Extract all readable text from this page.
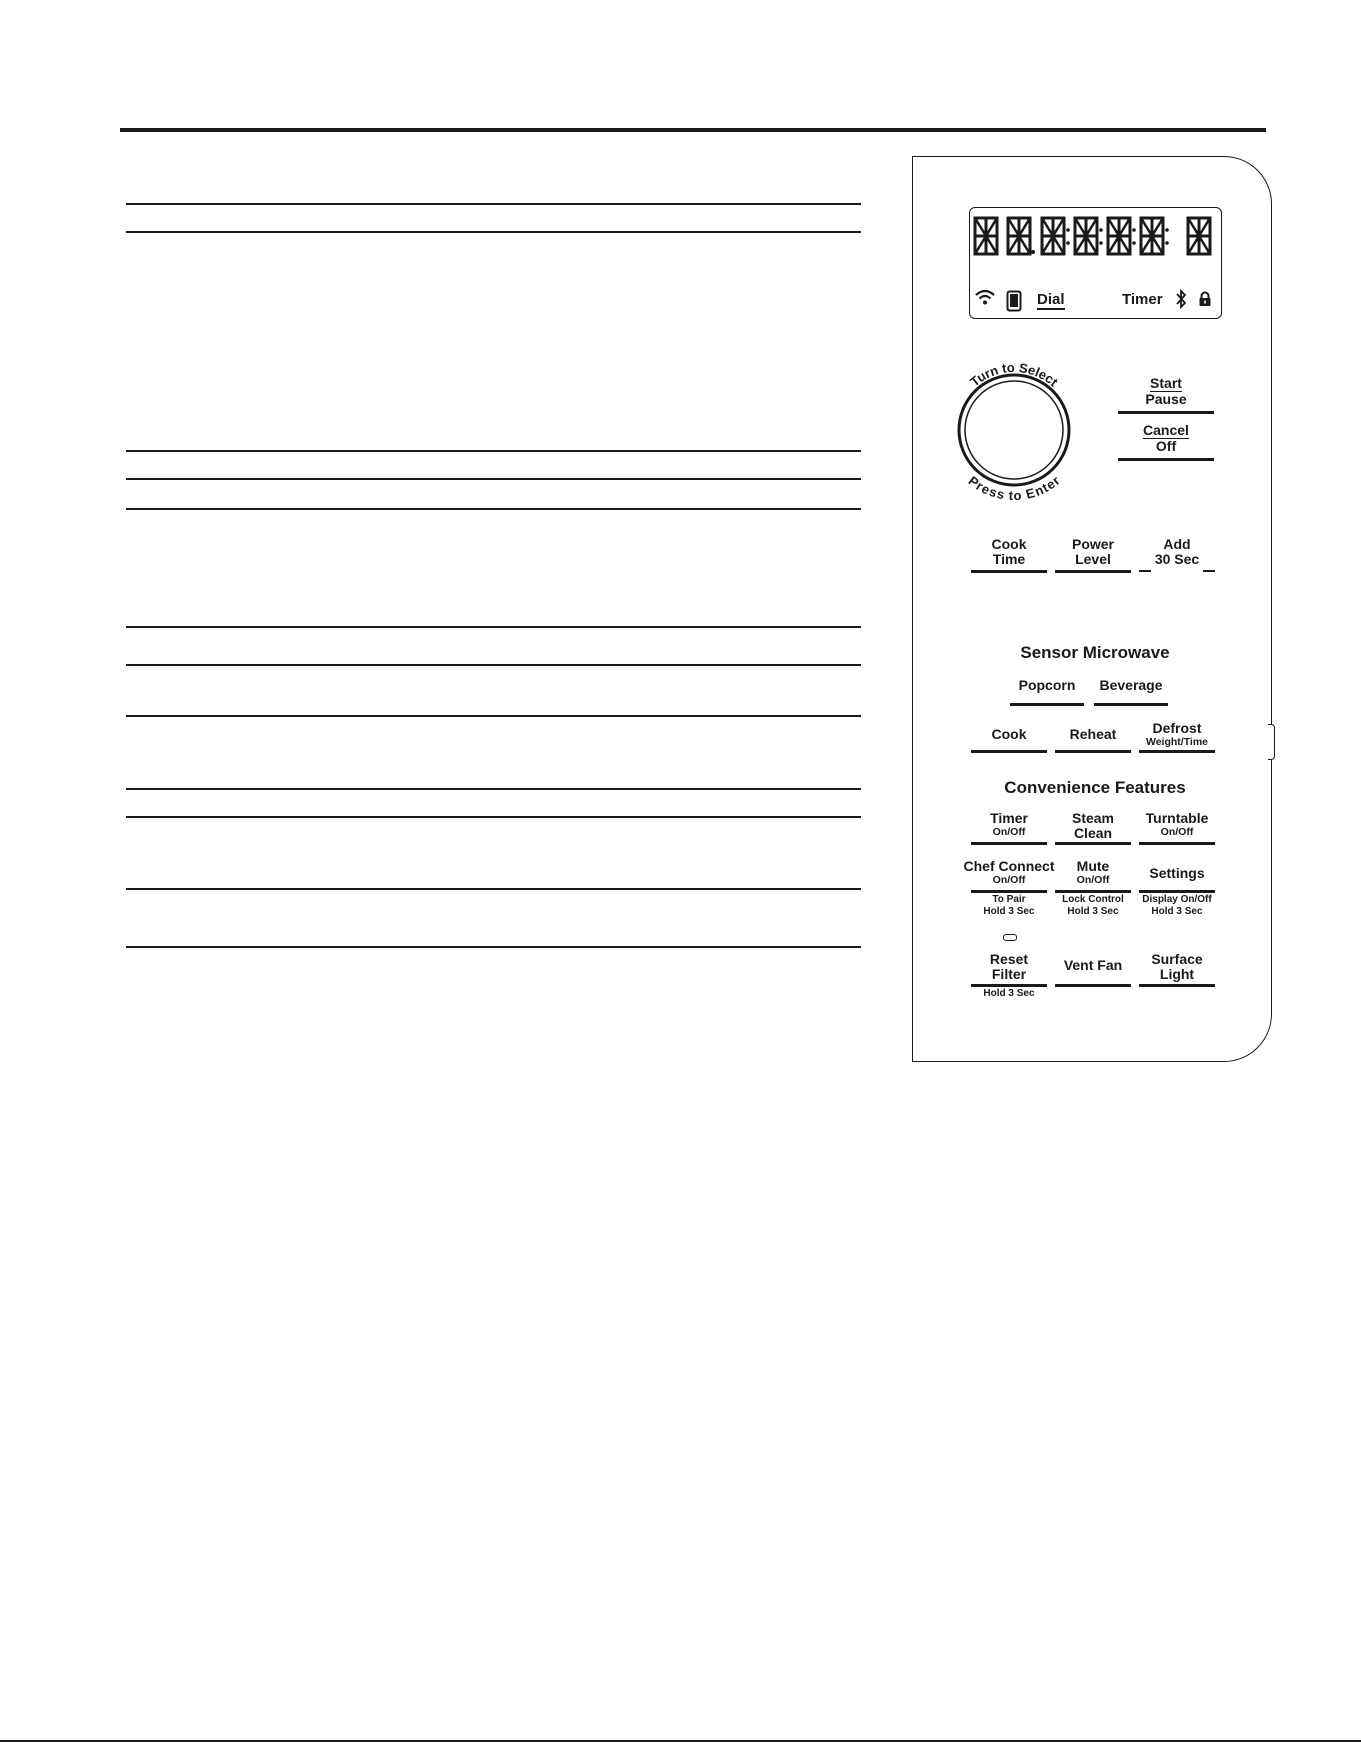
Dial	Timer
Turn to Select
Press to Enter
Start
Pause
Cancel
Off
Cook
Time
Power
Level
Add
30 Sec
Sensor Microwave
Popcorn	Beverage
Cook	Reheat	Defrost
Weight/Time
Convenience Features
Timer
On/Off
Steam
Clean
Turntable
On/Off
Chef Connect
On/Off
To Pair
Hold 3 Sec
Mute
On/Off
Lock Control
Hold 3 Sec
Settings
Display On/Off
Hold 3 Sec
Reset
Filter
Hold 3 Sec
Vent Fan	Surface
Light
